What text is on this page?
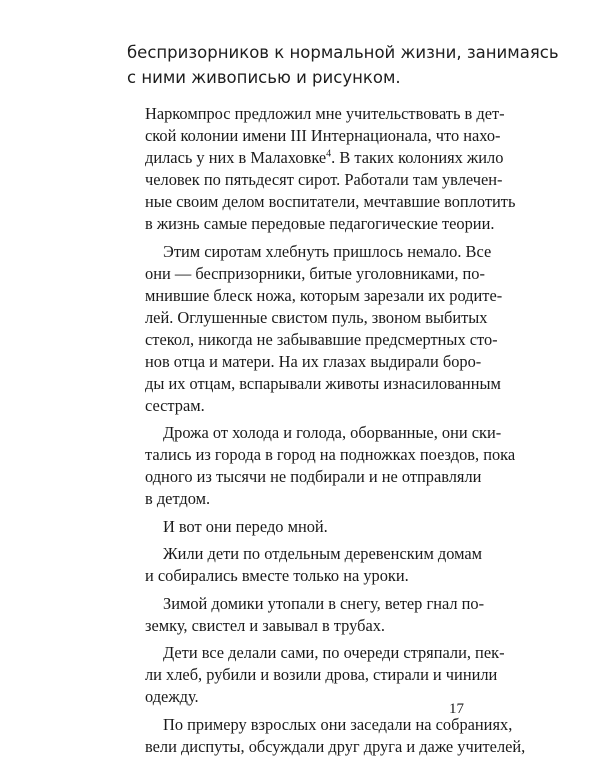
беспризорников к нормальной жизни, занимаясь
с ними живописью и рисунком.
Наркомпрос предложил мне учительствовать в дет-
ской колонии имени III Интернационала, что нахо-
дилась у них в Малаховке$^4$. В таких колониях жило
человек по пятьдесят сирот. Работали там увлечен-
ные своим делом воспитатели, мечтавшие воплотить
в жизнь самые передовые педагогические теории.
Этим сиротам хлебнуть пришлось немало. Все
они — беспризорники, битые уголовниками, по-
мнившие блеск ножа, которым зарезали их родите-
лей. Оглушенные свистом пуль, звоном выбитых
стекол, никогда не забывавшие предсмертных сто-
нов отца и матери. На их глазах выдирали боро-
ды их отцам, вспарывали животы изнасилованным
сестрам.
Дрожа от холода и голода, оборванные, они ски-
тались из города в город на подножках поездов, пока
одного из тысячи не подбирали и не отправляли
в детдом.
И вот они передо мной.
Жили дети по отдельным деревенским домам
и собирались вместе только на уроки.
Зимой домики утопали в снегу, ветер гнал по-
земку, свистел и завывал в трубах.
Дети все делали сами, по очереди стряпали, пек-
ли хлеб, рубили и возили дрова, стирали и чинили
одежду.
По примеру взрослых они заседали на собраниях,
вели диспуты, обсуждали друг друга и даже учителей,
17
